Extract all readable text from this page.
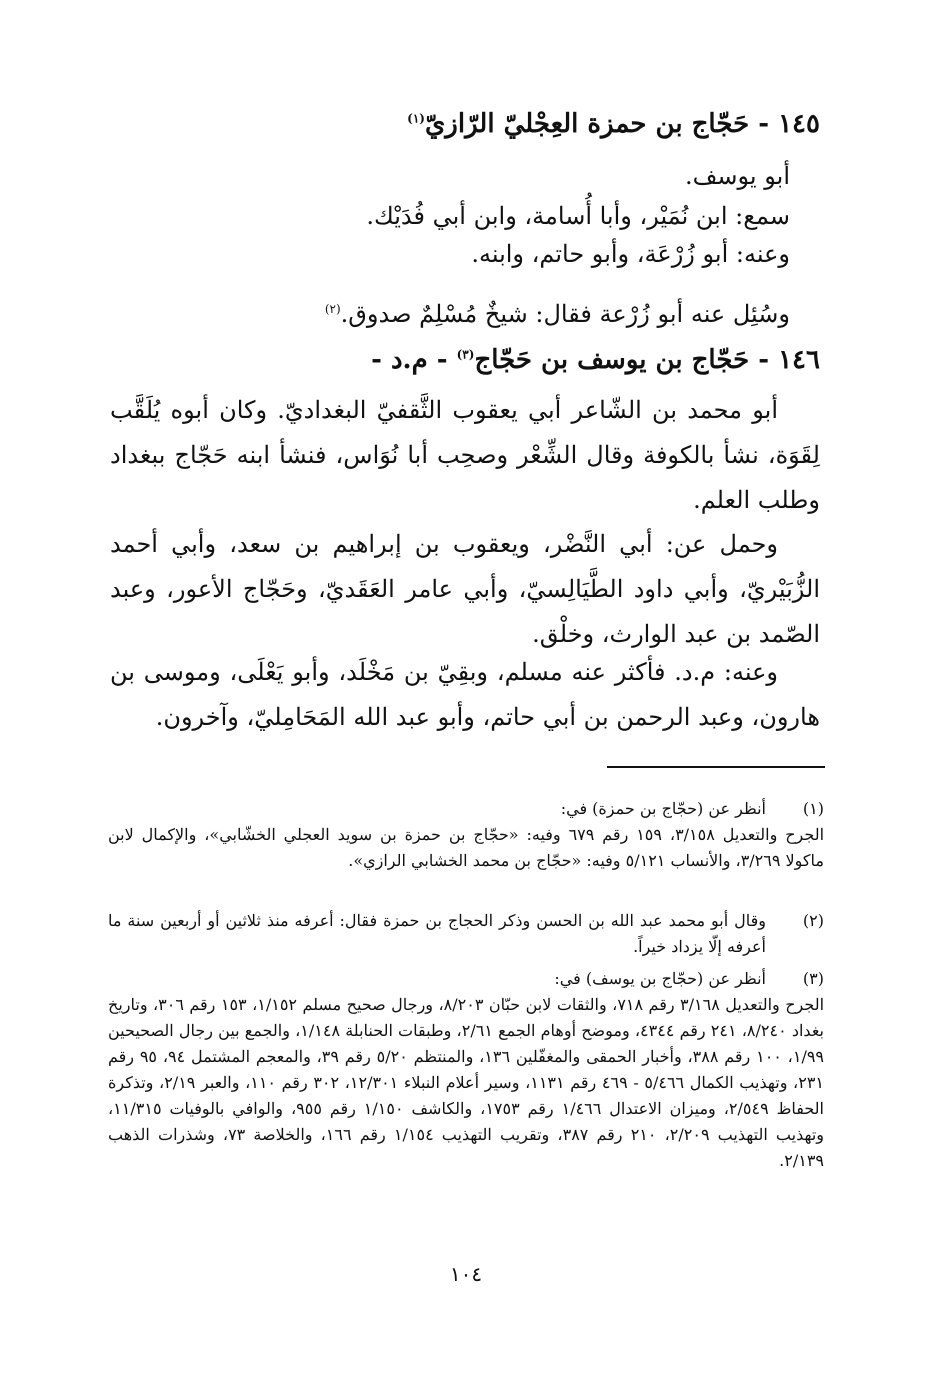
١٤٥ - حَجّاج بن حمزة العِجْليّ الرّازيّ$^{(١)}$
أبو يوسف.
سمع: ابن نُمَيْر، وأبا أُسامة، وابن أبي فُدَيْك.
وعنه: أبو زُرْعَة، وأبو حاتم، وابنه.
وسُئِل عنه أبو زُرْعة فقال: شيخٌ مُسْلِمٌ صدوق.$^{(٢)}$
١٤٦ - حَجّاج بن يوسف بن حَجّاج$^{(٣)}$ - م.د -
أبو محمد بن الشّاعر أبي يعقوب الثَّقفيّ البغداديّ. وكان أبوه يُلَقَّب لِقَوَة، نشأ بالكوفة وقال الشِّعْر وصحِب أبا نُوَاس، فنشأ ابنه حَجّاج ببغداد وطلب العلم.
وحمل عن: أبي النَّضْر، ويعقوب بن إبراهيم بن سعد، وأبي أحمد الزُّبَيْريّ، وأبي داود الطَّيَالِسيّ، وأبي عامر العَقَديّ، وحَجّاج الأعور، وعبد الصّمد بن عبد الوارث، وخلْق.
وعنه: م.د. فأكثر عنه مسلم، وبقِيّ بن مَخْلَد، وأبو يَعْلَى، وموسى بن هارون، وعبد الرحمن بن أبي حاتم، وأبو عبد الله المَحَامِليّ، وآخرون.
(١)
أنظر عن (حجّاج بن حمزة) في:
الجرح والتعديل ٣/١٥٨، ١٥٩ رقم ٦٧٩ وفيه: «حجّاج بن حمزة بن سويد العجلي الخشّابي»، والإكمال لابن ماكولا ٣/٢٦٩، والأنساب ٥/١٢١ وفيه: «حجّاج بن محمد الخشابي الرازي».
(٢)
وقال أبو محمد عبد الله بن الحسن وذكر الحجاج بن حمزة فقال: أعرفه منذ ثلاثين أو أربعين سنة ما أعرفه إلّا يزداد خيراً.
(٣)
أنظر عن (حجّاج بن يوسف) في:
الجرح والتعديل ٣/١٦٨ رقم ٧١٨، والثقات لابن حبّان ٨/٢٠٣، ورجال صحيح مسلم ١/١٥٢، ١٥٣ رقم ٣٠٦، وتاريخ بغداد ٨/٢٤٠، ٢٤١ رقم ٤٣٤٤، وموضح أوهام الجمع ٢/٦١، وطبقات الحنابلة ١/١٤٨، والجمع بين رجال الصحيحين ١/٩٩، ١٠٠ رقم ٣٨٨، وأخبار الحمقى والمغفّلين ١٣٦، والمنتظم ٥/٢٠ رقم ٣٩، والمعجم المشتمل ٩٤، ٩٥ رقم ٢٣١، وتهذيب الكمال ٥/٤٦٦ - ٤٦٩ رقم ١١٣١، وسير أعلام النبلاء ١٢/٣٠١، ٣٠٢ رقم ١١٠، والعبر ٢/١٩، وتذكرة الحفاظ ٢/٥٤٩، وميزان الاعتدال ١/٤٦٦ رقم ١٧٥٣، والكاشف ١/١٥٠ رقم ٩٥٥، والوافي بالوفيات ١١/٣١٥، وتهذيب التهذيب ٢/٢٠٩، ٢١٠ رقم ٣٨٧، وتقريب التهذيب ١/١٥٤ رقم ١٦٦، والخلاصة ٧٣، وشذرات الذهب ٢/١٣٩.
١٠٤
